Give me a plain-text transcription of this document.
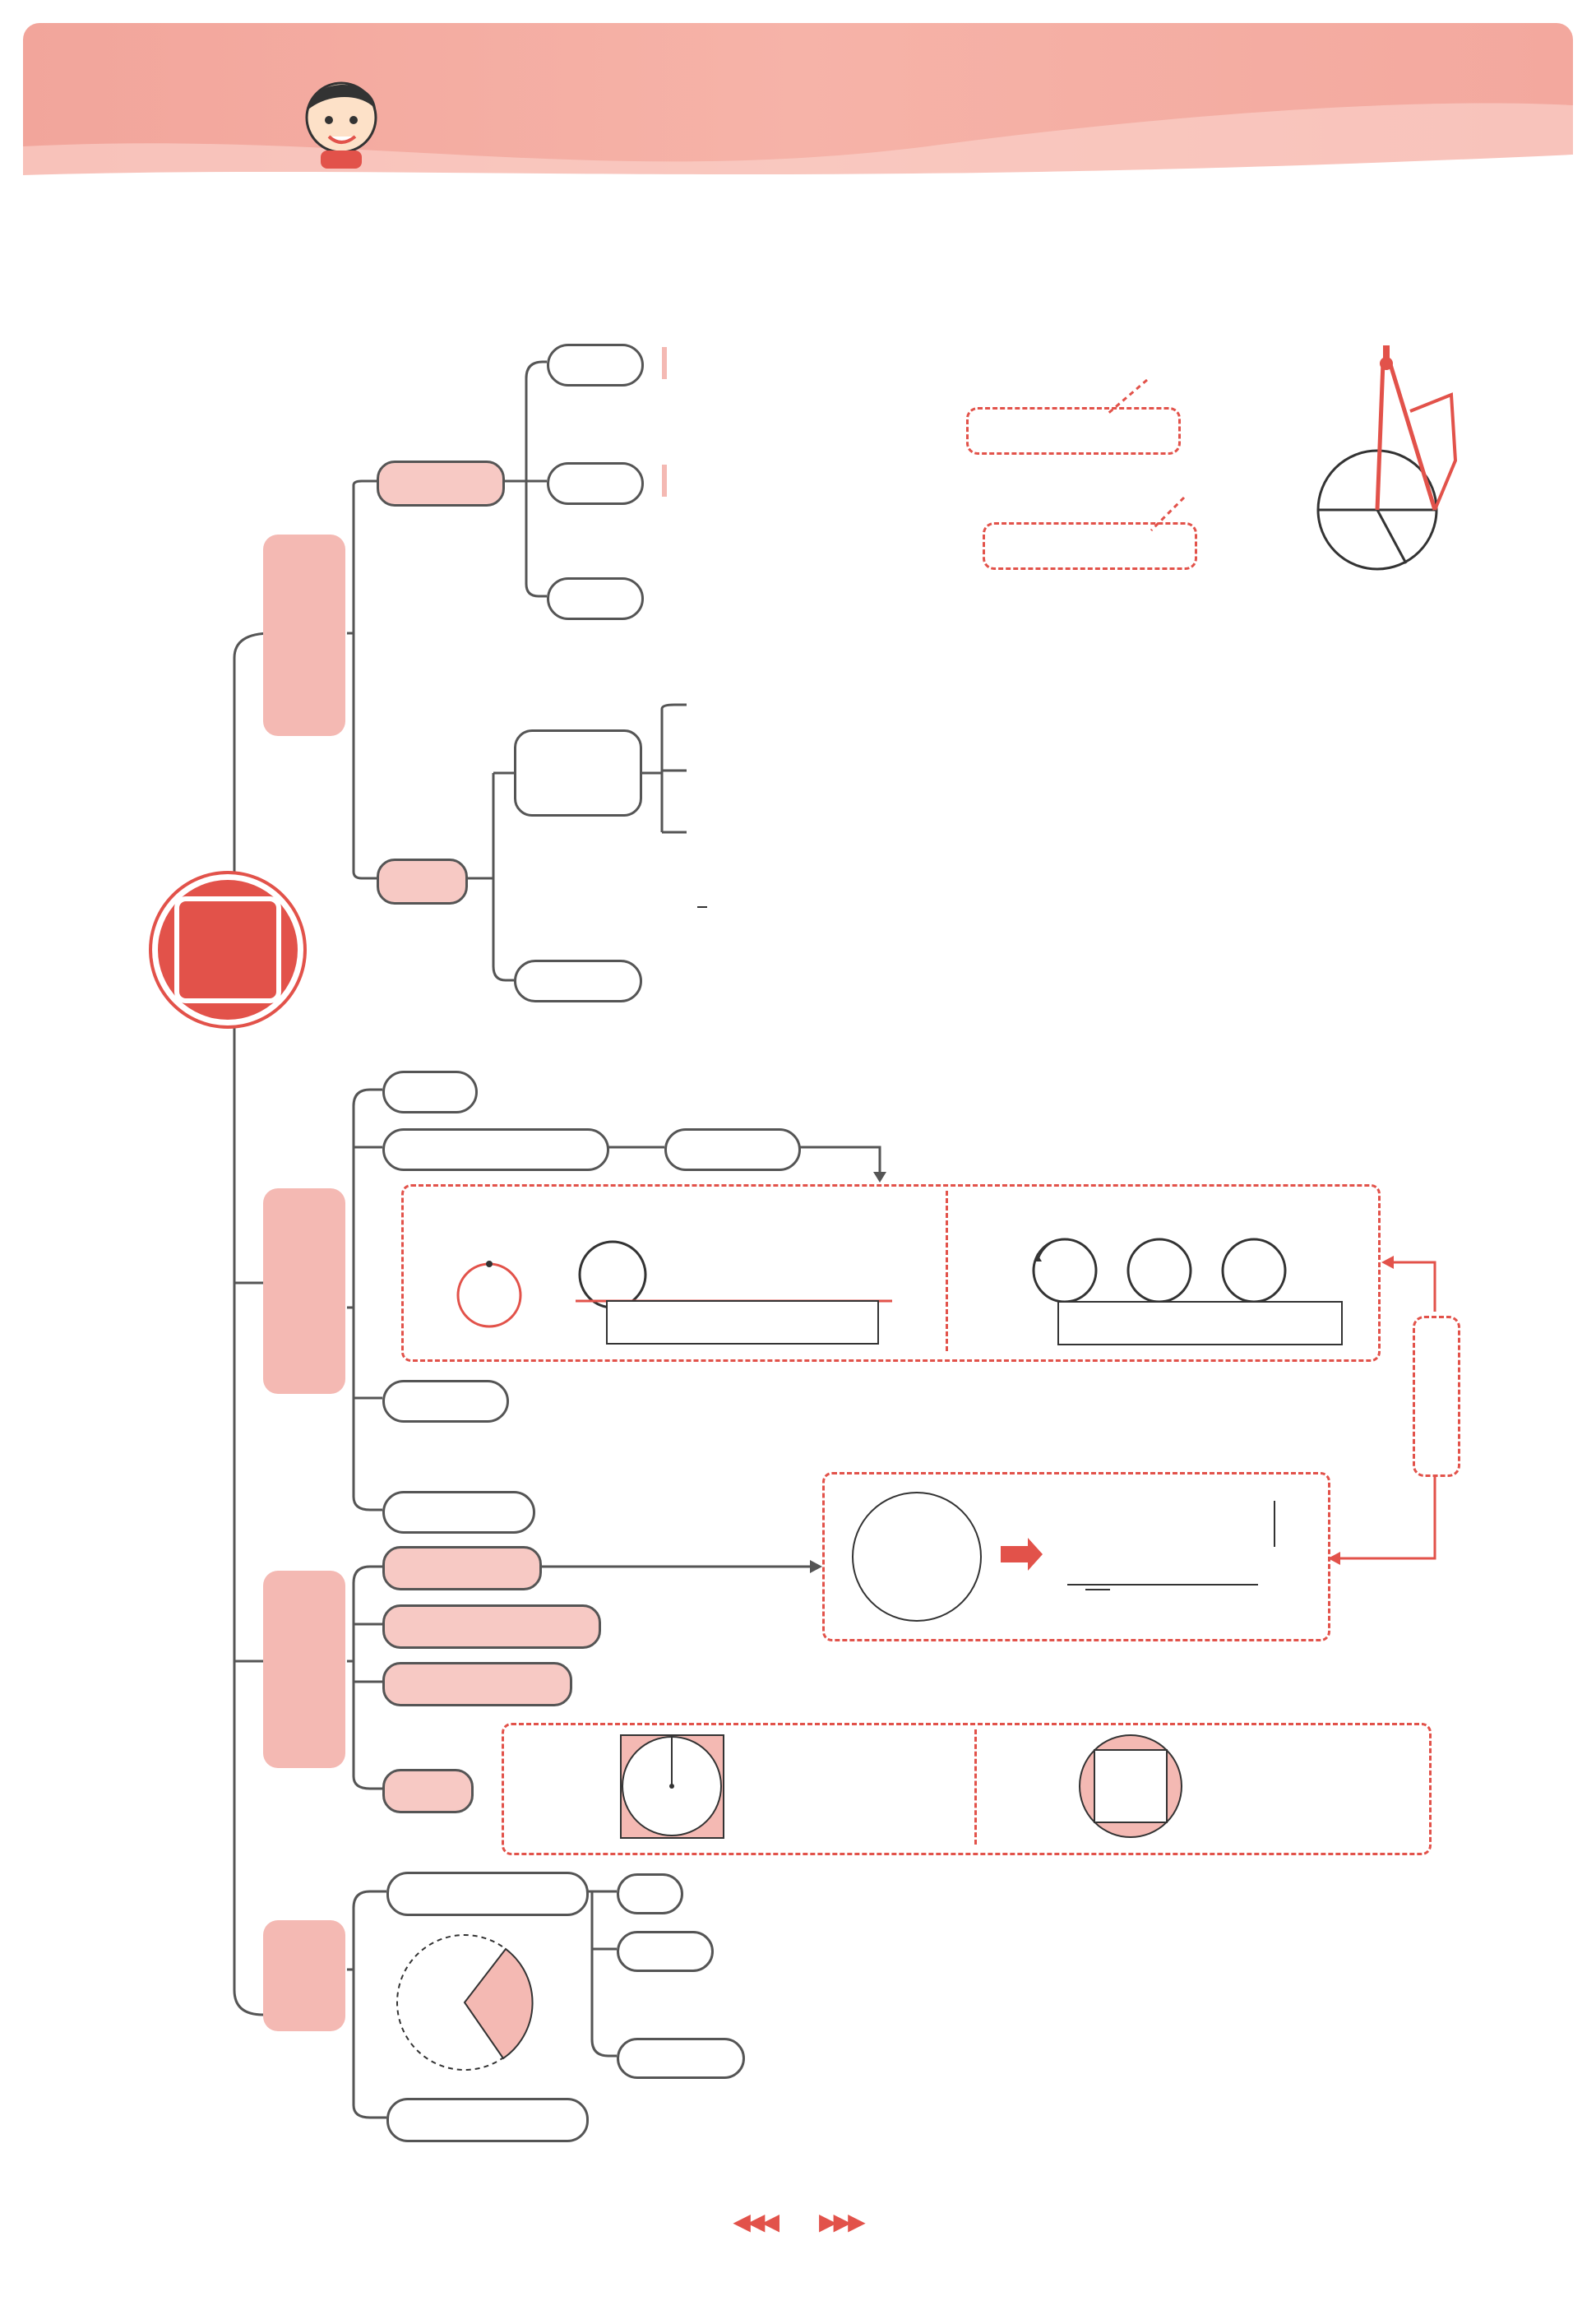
◀◀◀ ▶▶▶
